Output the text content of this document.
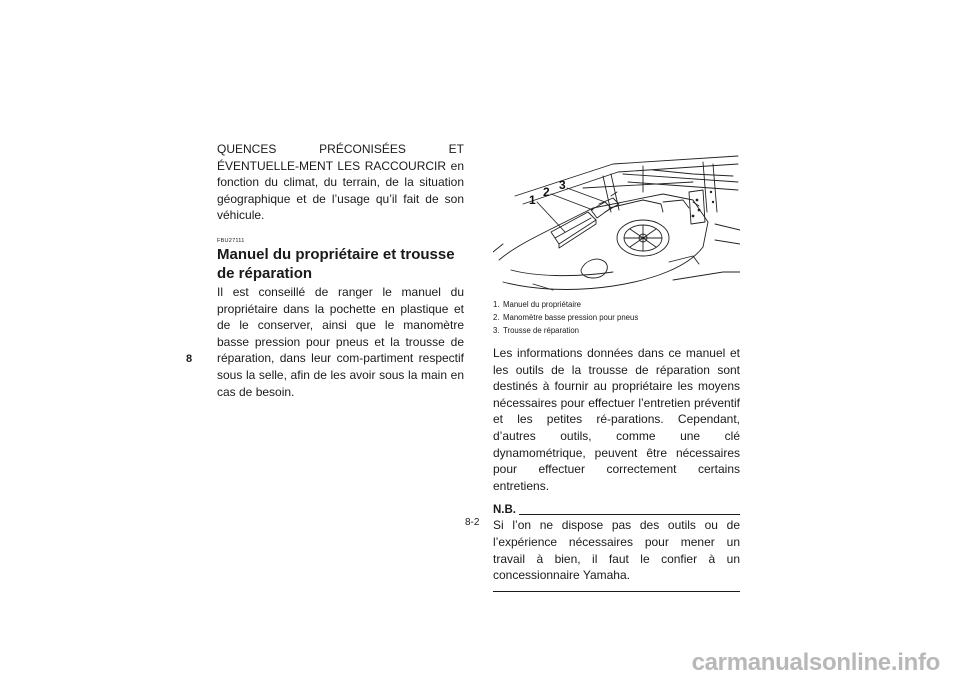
QUENCES PRÉCONISÉES ET ÉVENTUELLE-MENT LES RACCOURCIR en fonction du climat, du terrain, de la situation géographique et de l’usage qu’il fait de son véhicule.

FBU27111
Manuel du propriétaire et trousse de réparation

Il est conseillé de ranger le manuel du propriétaire dans la pochette en plastique et de le conserver, ainsi que le manomètre basse pression pour pneus et la trousse de réparation, dans leur com-partiment respectif sous la selle, afin de les avoir sous la main en cas de besoin.

8
1
2 3
1. Manuel du propriétaire
2. Manomètre basse pression pour pneus
3. Trousse de réparation

Les informations données dans ce manuel et les outils de la trousse de réparation sont destinés à fournir au propriétaire les moyens nécessaires pour effectuer l’entretien préventif et les petites ré-parations. Cependant, d’autres outils, comme une clé dynamométrique, peuvent être nécessaires pour effectuer correctement certains entretiens.

N.B.

Si l’on ne dispose pas des outils ou de l’expérience nécessaires pour mener un travail à bien, il faut le confier à un concessionnaire Yamaha.

8-2
carmanualsonline.info
